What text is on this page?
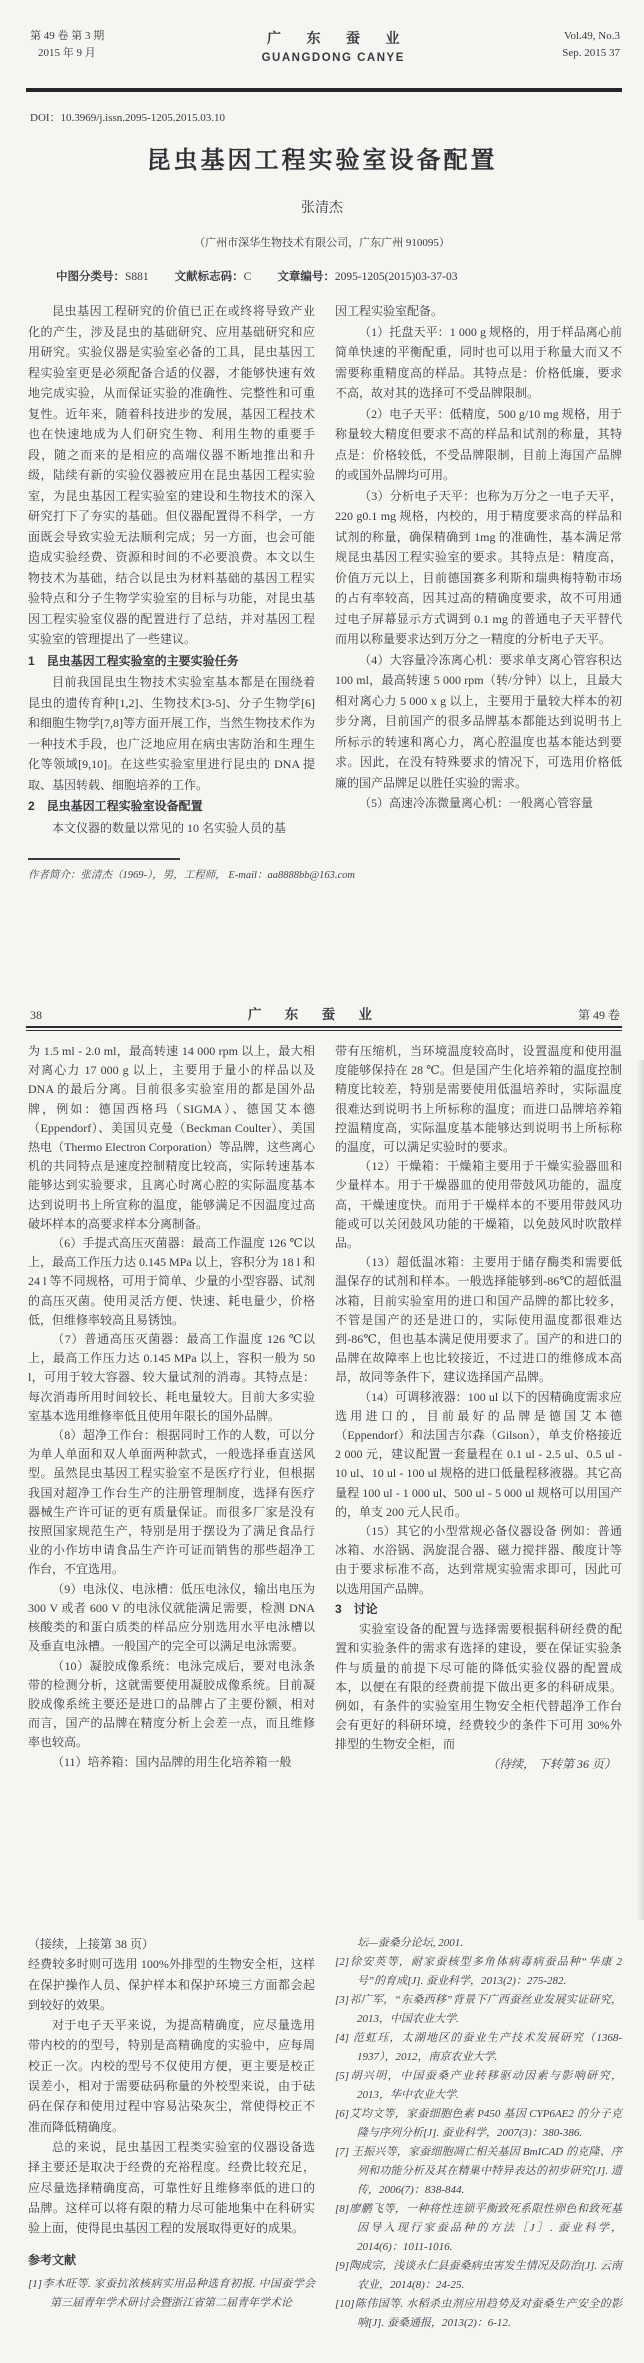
第 49 卷 第 3 期
2015 年 9 月
广 东 蚕 业
GUANGDONG CANYE
Vol.49, No.3
Sep. 2015 37
DOI：10.3969/j.issn.2095-1205.2015.03.10
昆虫基因工程实验室设备配置
张清杰
（广州市深华生物技术有限公司，广东广州 910095）
中图分类号：S881 文献标志码：C 文章编号：2095-1205(2015)03-37-03

昆虫基因工程研究的价值已正在或终将导致产业化的产生，涉及昆虫的基础研究、应用基础研究和应用研究。实验仪器是实验室必备的工具，昆虫基因工程实验室更是必须配备合适的仪器，才能够快速有效地完成实验，从而保证实验的准确性、完整性和可重复性。近年来，随着科技进步的发展，基因工程技术也在快速地成为人们研究生物、利用生物的重要手段，随之而来的是相应的高端仪器不断地推出和升级，陆续有新的实验仪器被应用在昆虫基因工程实验室，为昆虫基因工程实验室的建设和生物技术的深入研究打下了夯实的基础。但仪器配置得不科学，一方面既会导致实验无法顺利完成；另一方面，也会可能造成实验经费、资源和时间的不必要浪费。本文以生物技术为基础，结合以昆虫为材料基础的基因工程实验特点和分子生物学实验室的目标与功能，对昆虫基因工程实验室仪器的配置进行了总结，并对基因工程实验室的管理提出了一些建议。

1　昆虫基因工程实验室的主要实验任务

目前我国昆虫生物技术实验室基本都是在围绕着昆虫的遗传育种[1,2]、生物技术[3-5]、分子生物学[6]和细胞生物学[7,8]等方面开展工作，当然生物技术作为一种技术手段，也广泛地应用在病虫害防治和生理生化等领域[9,10]。在这些实验室里进行昆虫的 DNA 提取、基因转载、细胞培养的工作。

2　昆虫基因工程实验室设备配置

本文仪器的数量以常见的 10 名实验人员的基

因工程实验室配备。

（1）托盘天平：1 000 g 规格的，用于样品离心前简单快速的平衡配重，同时也可以用于称量大而又不需要称重精度高的样品。其特点是：价格低廉，要求不高，故对其的选择可不受品牌限制。

（2）电子天平：低精度，500 g/10 mg 规格，用于称量较大精度但要求不高的样品和试剂的称量，其特点是：价格较低，不受品牌限制，目前上海国产品牌的或国外品牌均可用。

（3）分析电子天平：也称为万分之一电子天平，220 g0.1 mg 规格，内校的，用于精度要求高的样品和试剂的称量，确保精确到 1mg 的准确性，基本满足常规昆虫基因工程实验室的要求。其特点是：精度高，价值万元以上，目前德国赛多利斯和瑞典梅特勒市场的占有率较高，因其过高的精确度要求，故不可用通过电子屏幕显示方式调到 0.1 mg 的普通电子天平替代而用以称量要求达到万分之一精度的分析电子天平。

（4）大容量冷冻离心机：要求单支离心管容积达 100 ml，最高转速 5 000 rpm（转/分钟）以上，且最大相对离心力 5 000 x g 以上，主要用于量较大样本的初步分离，目前国产的很多品牌基本都能达到说明书上所标示的转速和离心力，离心腔温度也基本能达到要求。因此，在没有特殊要求的情况下，可选用价格低廉的国产品牌足以胜任实验的需求。

（5）高速冷冻微量离心机：一般离心管容量

作者简介：张清杰（1969-），男，工程师， E-mail：aa8888bb@163.com
38	广 东 蚕 业	第 49 卷

为 1.5 ml - 2.0 ml，最高转速 14 000 rpm 以上，最大相对离心力 17 000 g 以上，主要用于量小的样品以及 DNA 的最后分离。目前很多实验室用的都是国外品牌，例如：德国西格玛（SIGMA）、德国艾本德（Eppendorf）、美国贝克曼（Beckman Coulter）、美国热电（Thermo Electron Corporation）等品牌，这些离心机的共同特点是速度控制精度比较高，实际转速基本能够达到实验要求，且离心时离心腔的实际温度基本达到说明书上所宣称的温度，能够满足不因温度过高破坏样本的高要求样本分离制备。

（6）手提式高压灭菌器：最高工作温度 126 ℃以上，最高工作压力达 0.145 MPa 以上，容积分为 18 l 和 24 l 等不同规格，可用于简单、少量的小型容器、试剂的高压灭菌。使用灵活方便、快速、耗电量少，价格低，但维修率较高且易锈蚀。

（7）普通高压灭菌器：最高工作温度 126 ℃以上，最高工作压力达 0.145 MPa 以上，容积一般为 50 l，可用于较大容器、较大量试剂的消毒。其特点是：每次消毒所用时间较长、耗电量较大。目前大多实验室基本选用维修率低且使用年限长的国外品牌。

（8）超净工作台：根据同时工作的人数，可以分为单人单面和双人单面两种款式，一般选择垂直送风型。虽然昆虫基因工程实验室不是医疗行业，但根据我国对超净工作台生产的注册管理制度，选择有医疗器械生产许可证的更有质量保证。而很多厂家是没有按照国家规范生产，特别是用于摆设为了满足食品行业的小作坊申请食品生产许可证而销售的那些超净工作台，不宜选用。

（9）电泳仪、电泳槽：低压电泳仪，输出电压为 300 V 或者 600 V 的电泳仪就能满足需要，检测 DNA 核酸类的和蛋白质类的样品应分别选用水平电泳槽以及垂直电泳槽。一般国产的完全可以满足电泳需要。

（10）凝胶成像系统：电泳完成后，要对电泳条带的检测分析，这就需要使用凝胶成像系统。目前凝胶成像系统主要还是进口的品牌占了主要份额，相对而言，国产的品牌在精度分析上会差一点，而且维修率也较高。

（11）培养箱：国内品牌的用生化培养箱一般

带有压缩机，当环境温度较高时，设置温度和使用温度能够保持在 28 ℃。但是国产生化培养箱的温度控制精度比较差，特别是需要使用低温培养时，实际温度很难达到说明书上所标称的温度；而进口品牌培养箱控温精度高，实际温度基本能够达到说明书上所标称的温度，可以满足实验时的要求。

（12）干燥箱：干燥箱主要用于干燥实验器皿和少量样本。用于干燥器皿的使用带鼓风功能的，温度高，干燥速度快。而用于干燥样本的不要用带鼓风功能或可以关闭鼓风功能的干燥箱，以免鼓风时吹散样品。

（13）超低温冰箱：主要用于储存酶类和需要低温保存的试剂和样本。一般选择能够到-86℃的超低温冰箱，目前实验室用的进口和国产品牌的都比较多，不管是国产的还是进口的，实际使用温度都很难达到-86℃，但也基本满足使用要求了。国产的和进口的品牌在故障率上也比较接近，不过进口的维修成本高昂，故同等条件下，建议选择国产品牌。

（14）可调移液器：100 ul 以下的因精确度需求应选用进口的，目前最好的品牌是德国艾本德（Eppendorf）和法国吉尔森（Gilson），单支价格接近 2 000 元，建议配置一套量程在 0.1 ul - 2.5 ul、0.5 ul - 10 ul、10 ul - 100 ul 规格的进口低量程移液器。其它高量程 100 ul - 1 000 ul、500 ul - 5 000 ul 规格可以用国产的，单支 200 元人民币。

（15）其它的小型常规必备仪器设备 例如：普通冰箱、水浴锅、涡旋混合器、磁力搅拌器、酸度计等由于要求标准不高，达到常规实验需求即可，因此可以选用国产品牌。

3　讨论

实验室设备的配置与选择需要根据科研经费的配置和实验条件的需求有选择的建设，要在保证实验条件与质量的前提下尽可能的降低实验仪器的配置成本，以便在有限的经费前提下做出更多的科研成果。例如，有条件的实验室用生物安全柜代替超净工作台会有更好的科研环境，经费较少的条件下可用 30%外排型的生物安全柜，而

（待续， 下转第 36 页）

（接续，上接第 38 页）

经费较多时则可选用 100%外排型的生物安全柜，这样在保护操作人员、保护样本和保护环境三方面都会起到较好的效果。

对于电子天平来说，为提高精确度，应尽量选用带内校的的型号，特别是高精确度的实验中，应每周校正一次。内校的型号不仅使用方便，更主要是校正误差小，相对于需要砝码称量的外校型来说，由于砝码在保存和使用过程中容易沾染灰尘，常使得校正不准而降低精确度。

总的来说，昆虫基因工程类实验室的仪器设备选择主要还是取决于经费的充裕程度。经费比较充足，应尽量选择精确度高，可靠性好且维修率低的进口的品牌。这样可以将有限的精力尽可能地集中在科研实验上面，使得昆虫基因工程的发展取得更好的成果。

参考文献

[1]李木旺等. 家蚕抗浓核病实用品种选育初报. 中国蚕学会第三届青年学术研讨会暨浙江省第二届青年学术论

坛—蚕桑分论坛, 2001.

[2]徐安英等，耐家蚕核型多角体病毒病蚕品种“华康 2 号”的育成[J]. 蚕业科学，2013(2)：275-282.

[3]祁广军，“东桑西移”背景下广西蚕丝业发展实证研究，2013，中国农业大学.

[4] 范虹珏，太湖地区的蚕业生产技术发展研究（1368-1937），2012，南京农业大学.

[5]胡兴明，中国蚕桑产业转移驱动因素与影响研究，2013，华中农业大学.

[6]艾均文等，家蚕细胞色素 P450 基因 CYP6AE2 的分子克隆与序列分析[J]. 蚕业科学，2007(3)：380-386.

[7] 王振兴等，家蚕细胞凋亡相关基因 BmICAD 的克隆、序列和功能分析及其在精巢中特异表达的初步研究[J]. 遗传，2006(7)：838-844.

[8]廖鹏飞等，一种将性连锁平衡致死系限性卵色和致死基因导入现行家蚕品种的方法［J］. 蚕业科学，2014(6)：1011-1016.

[9]陶成宗，浅谈永仁县蚕桑病虫害发生情况及防治[J]. 云南农业，2014(8)：24-25.

[10]陈伟国等. 水稻杀虫剂应用趋势及对蚕桑生产安全的影响[J]. 蚕桑通报，2013(2)：6-12.
